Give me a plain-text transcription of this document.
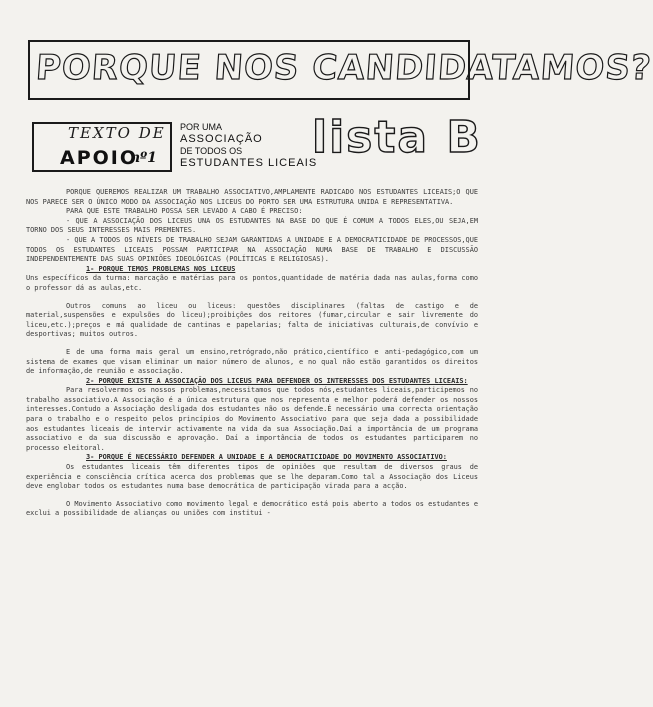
PORQUE NOS CANDIDATAMOS?
TEXTO DE
APOIO
nº1
POR UMA
ASSOCIAÇÃO
DE TODOS OS
ESTUDANTES LICEAIS
lista B

PORQUE QUEREMOS REALIZAR UM TRABALHO ASSOCIATIVO,AMPLAMENTE RADICADO NOS ESTUDANTES LICEAIS;O QUE NOS PARECE SER O ÚNICO MODO DA ASSOCIAÇÃO NOS LICEUS DO PORTO SER UMA ESTRUTURA UNIDA E REPRESENTATIVA.

PARA QUE ESTE TRABALHO POSSA SER LEVADO A CABO É PRECISO:

- QUE A ASSOCIAÇÃO DOS LICEUS UNA OS ESTUDANTES NA BASE DO QUE É COMUM A TODOS ELES,OU SEJA,EM TORNO DOS SEUS INTERESSES MAIS PREMENTES.

- QUE A TODOS OS NÍVEIS DE TRABALHO SEJAM GARANTIDAS A UNIDADE E A DEMOCRATICIDADE DE PROCESSOS,QUE TODOS OS ESTUDANTES LICEAIS POSSAM PARTICIPAR NA ASSOCIAÇÃO NUMA BASE DE TRABALHO E DISCUSSÃO INDEPENDENTEMENTE DAS SUAS OPINIÕES IDEOLÓGICAS (POLÍTICAS E RELIGIOSAS).

1- PORQUE TEMOS PROBLEMAS NOS LICEUS

Uns específicos da turma: marcação e matérias para os pontos,quantidade de matéria dada nas aulas,forma como o professor dá as aulas,etc.

Outros comuns ao liceu ou liceus: questões disciplinares (faltas de castigo e de material,suspensões e expulsões do liceu);proibições dos reitores (fumar,circular e sair livremente do liceu,etc.);preços e má qualidade de cantinas e papelarias; falta de iniciativas culturais,de convívio e desportivas; muitos outros.

E de uma forma mais geral um ensino,retrógrado,não prático,científico e anti-pedagógico,com um sistema de exames que visam eliminar um maior número de alunos, e no qual não estão garantidos os direitos de informação,de reunião e associação.

2- PORQUE EXISTE A ASSOCIAÇÃO DOS LICEUS PARA DEFENDER OS INTERESSES DOS ESTUDANTES LICEAIS:

Para resolvermos os nossos problemas,necessitamos que todos nós,estudantes liceais,participemos no trabalho associativo.A Associação é a única estrutura que nos representa e melhor poderá defender os nossos interesses.Contudo a Associação desligada dos estudantes não os defende.É necessário uma correcta orientação para o trabalho e o respeito pelos princípios do Movimento Associativo para que seja dada a possibilidade aos estudantes liceais de intervir activamente na vida da sua Associação.Daí a importância de um programa associativo e da sua discussão e aprovação. Daí a importância de todos os estudantes participarem no processo eleitoral.

3- PORQUE É NECESSÁRIO DEFENDER A UNIDADE E A DEMOCRATICIDADE DO MOVIMENTO ASSOCIATIVO:

Os estudantes liceais têm diferentes tipos de opiniões que resultam de diversos graus de experiência e consciência crítica acerca dos problemas que se lhe deparam.Como tal a Associação dos Liceus deve englobar todos os estudantes numa base democrática de participação virada para a acção.

O Movimento Associativo como movimento legal e democrático está pois aberto a todos os estudantes e exclui a possibilidade de alianças ou uniões com institui -
